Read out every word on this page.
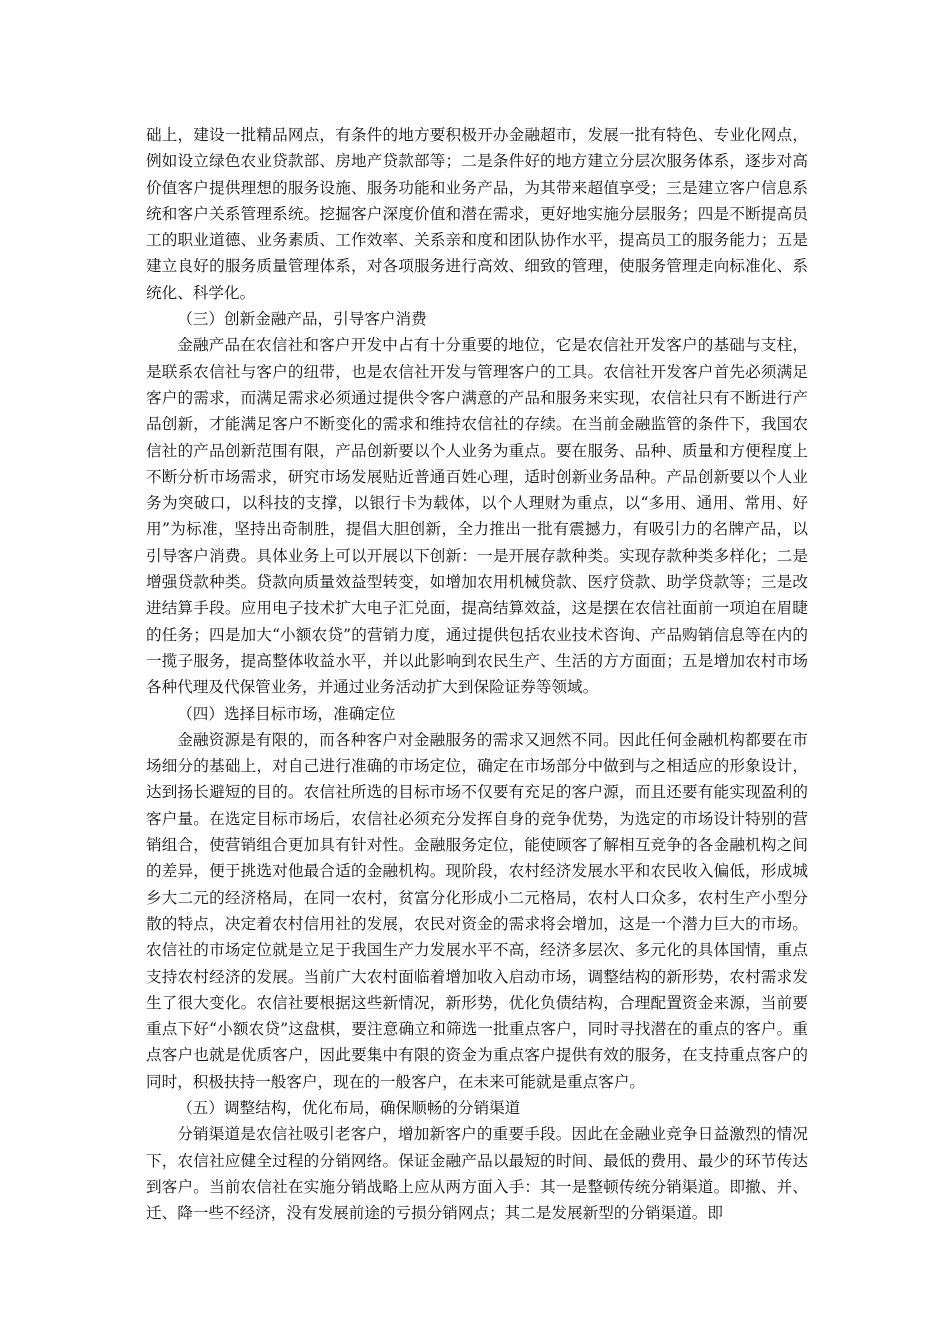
础上，建设一批精品网点，有条件的地方要积极开办金融超市，发展一批有特色、专业化网点，例如设立绿色农业贷款部、房地产贷款部等；二是条件好的地方建立分层次服务体系，逐步对高价值客户提供理想的服务设施、服务功能和业务产品，为其带来超值享受；三是建立客户信息系统和客户关系管理系统。挖掘客户深度价值和潜在需求，更好地实施分层服务；四是不断提高员工的职业道德、业务素质、工作效率、关系亲和度和团队协作水平，提高员工的服务能力；五是建立良好的服务质量管理体系，对各项服务进行高效、细致的管理，使服务管理走向标准化、系统化、科学化。

（三）创新金融产品，引导客户消费

金融产品在农信社和客户开发中占有十分重要的地位，它是农信社开发客户的基础与支柱，是联系农信社与客户的纽带，也是农信社开发与管理客户的工具。农信社开发客户首先必须满足客户的需求，而满足需求必须通过提供令客户满意的产品和服务来实现，农信社只有不断进行产品创新，才能满足客户不断变化的需求和维持农信社的存续。在当前金融监管的条件下，我国农信社的产品创新范围有限，产品创新要以个人业务为重点。要在服务、品种、质量和方便程度上不断分析市场需求，研究市场发展贴近普通百姓心理，适时创新业务品种。产品创新要以个人业务为突破口，以科技的支撑，以银行卡为载体，以个人理财为重点，以“多用、通用、常用、好用”为标准，坚持出奇制胜，提倡大胆创新，全力推出一批有震撼力，有吸引力的名牌产品，以引导客户消费。具体业务上可以开展以下创新：一是开展存款种类。实现存款种类多样化；二是增强贷款种类。贷款向质量效益型转变，如增加农用机械贷款、医疗贷款、助学贷款等；三是改进结算手段。应用电子技术扩大电子汇兑面，提高结算效益，这是摆在农信社面前一项迫在眉睫的任务；四是加大“小额农贷”的营销力度，通过提供包括农业技术咨询、产品购销信息等在内的一揽子服务，提高整体收益水平，并以此影响到农民生产、生活的方方面面；五是增加农村市场各种代理及代保管业务，并通过业务活动扩大到保险证券等领域。

（四）选择目标市场，准确定位

金融资源是有限的，而各种客户对金融服务的需求又迥然不同。因此任何金融机构都要在市场细分的基础上，对自己进行准确的市场定位，确定在市场部分中做到与之相适应的形象设计，达到扬长避短的目的。农信社所选的目标市场不仅要有充足的客户源，而且还要有能实现盈利的客户量。在选定目标市场后，农信社必须充分发挥自身的竞争优势，为选定的市场设计特别的营销组合，使营销组合更加具有针对性。金融服务定位，能使顾客了解相互竞争的各金融机构之间的差异，便于挑选对他最合适的金融机构。现阶段，农村经济发展水平和农民收入偏低，形成城乡大二元的经济格局，在同一农村，贫富分化形成小二元格局，农村人口众多，农村生产小型分散的特点，决定着农村信用社的发展，农民对资金的需求将会增加，这是一个潜力巨大的市场。农信社的市场定位就是立足于我国生产力发展水平不高，经济多层次、多元化的具体国情，重点支持农村经济的发展。当前广大农村面临着增加收入启动市场，调整结构的新形势，农村需求发生了很大变化。农信社要根据这些新情况，新形势，优化负债结构，合理配置资金来源，当前要重点下好“小额农贷”这盘棋，要注意确立和筛选一批重点客户，同时寻找潜在的重点的客户。重点客户也就是优质客户，因此要集中有限的资金为重点客户提供有效的服务，在支持重点客户的同时，积极扶持一般客户，现在的一般客户，在未来可能就是重点客户。

（五）调整结构，优化布局，确保顺畅的分销渠道

分销渠道是农信社吸引老客户，增加新客户的重要手段。因此在金融业竞争日益激烈的情况下，农信社应健全过程的分销网络。保证金融产品以最短的时间、最低的费用、最少的环节传达到客户。当前农信社在实施分销战略上应从两方面入手：其一是整顿传统分销渠道。即撤、并、迁、降一些不经济，没有发展前途的亏损分销网点；其二是发展新型的分销渠道。即
